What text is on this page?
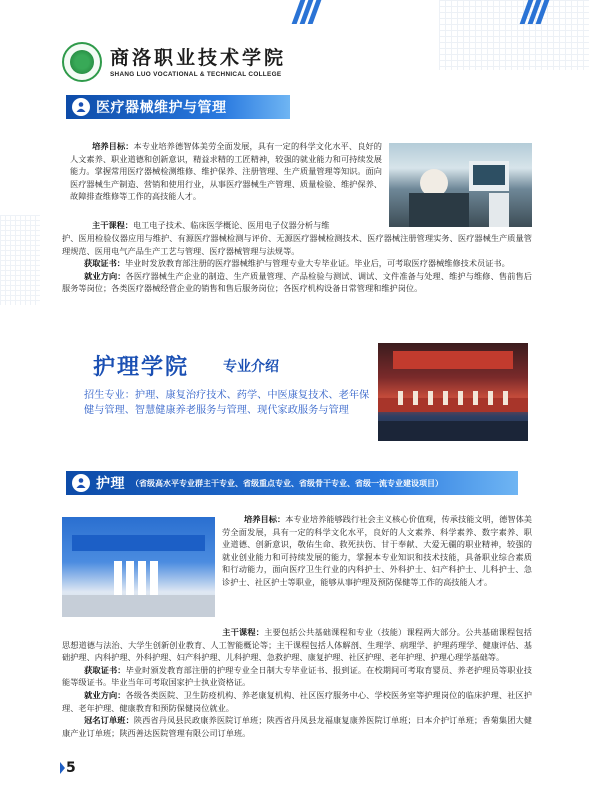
商洛职业技术学院
SHANG LUO VOCATIONAL & TECHNICAL COLLEGE
医疗器械维护与管理
培养目标：本专业培养德智体美劳全面发展，具有一定的科学文化水平、良好的人文素养、职业道德和创新意识，精益求精的工匠精神，较强的就业能力和可持续发展能力。掌握常用医疗器械检测维修、维护保养、注册管理、生产质量管理等知识。面向医疗器械生产制造、营销和使用行业，从事医疗器械生产管理、质量检验、维护保养、故障排查维修等工作的高技能人才。
主干课程：电工电子技术、临床医学概论、医用电子仪器分析与维
护、医用检验仪器应用与维护、有源医疗器械检测与评价、无源医疗器械检测技术、医疗器械注册管理实务、医疗器械生产质量管理规范、医用电气产品生产工艺与管理、医疗器械管理与法规等。
获取证书：毕业时发放教育部注册的医疗器械维护与管理专业大专毕业证。毕业后，可考取医疗器械维修技术员证书。
就业方向：各医疗器械生产企业的制造、生产质量管理、产品检验与测试、调试、文件准备与处理、维护与维修、售前售后服务等岗位；各类医疗器械经营企业的销售和售后服务岗位；各医疗机构设备日常管理和维护岗位。
护理学院 专业介绍
招生专业：护理、康复治疗技术、药学、中医康复技术、老年保健与管理、智慧健康养老服务与管理、现代家政服务与管理
护理 （省级高水平专业群主干专业、省级重点专业、省级骨干专业、省级一流专业建设项目）
培养目标：本专业培养能够践行社会主义核心价值观，传承技能文明，德智体美劳全面发展，具有一定的科学文化水平，良好的人文素养、科学素养、数字素养、职业道德、创新意识，敬佑生命、救死扶伤、甘于奉献、大爱无疆的职业精神，较强的就业创业能力和可持续发展的能力，掌握本专业知识和技术技能，具备职业综合素质和行动能力，面向医疗卫生行业的内科护士、外科护士、妇产科护士、儿科护士、急诊护士、社区护士等职业，能够从事护理及预防保健等工作的高技能人才。
主干课程：主要包括公共基础课程和专业（技能）课程两大部分。公共基础课程包括思想道德与法治、大学生创新创业教育、人工智能概论等；主干课程包括人体解剖、生理学、病理学、护理药理学、健康评估、基础护理、内科护理、外科护理、妇产科护理、儿科护理、急救护理、康复护理、社区护理、老年护理、护理心理学基础等。
获取证书：毕业时颁发教育部注册的护理专业全日制大专毕业证书、报到证。在校期间可考取育婴员、养老护理员等职业技能等级证书。毕业当年可考取国家护士执业资格证。
就业方向：各级各类医院、卫生防疫机构、养老康复机构、社区医疗服务中心、学校医务室等护理岗位的临床护理、社区护理、老年护理、健康教育和预防保健岗位就业。
冠名订单班：陕西省丹凤县民政康养医院订单班；陕西省丹凤县龙福康复康养医院订单班；日本介护订单班；香菊集团大健康产业订单班；陕西善达医院管理有限公司订单班。
5
